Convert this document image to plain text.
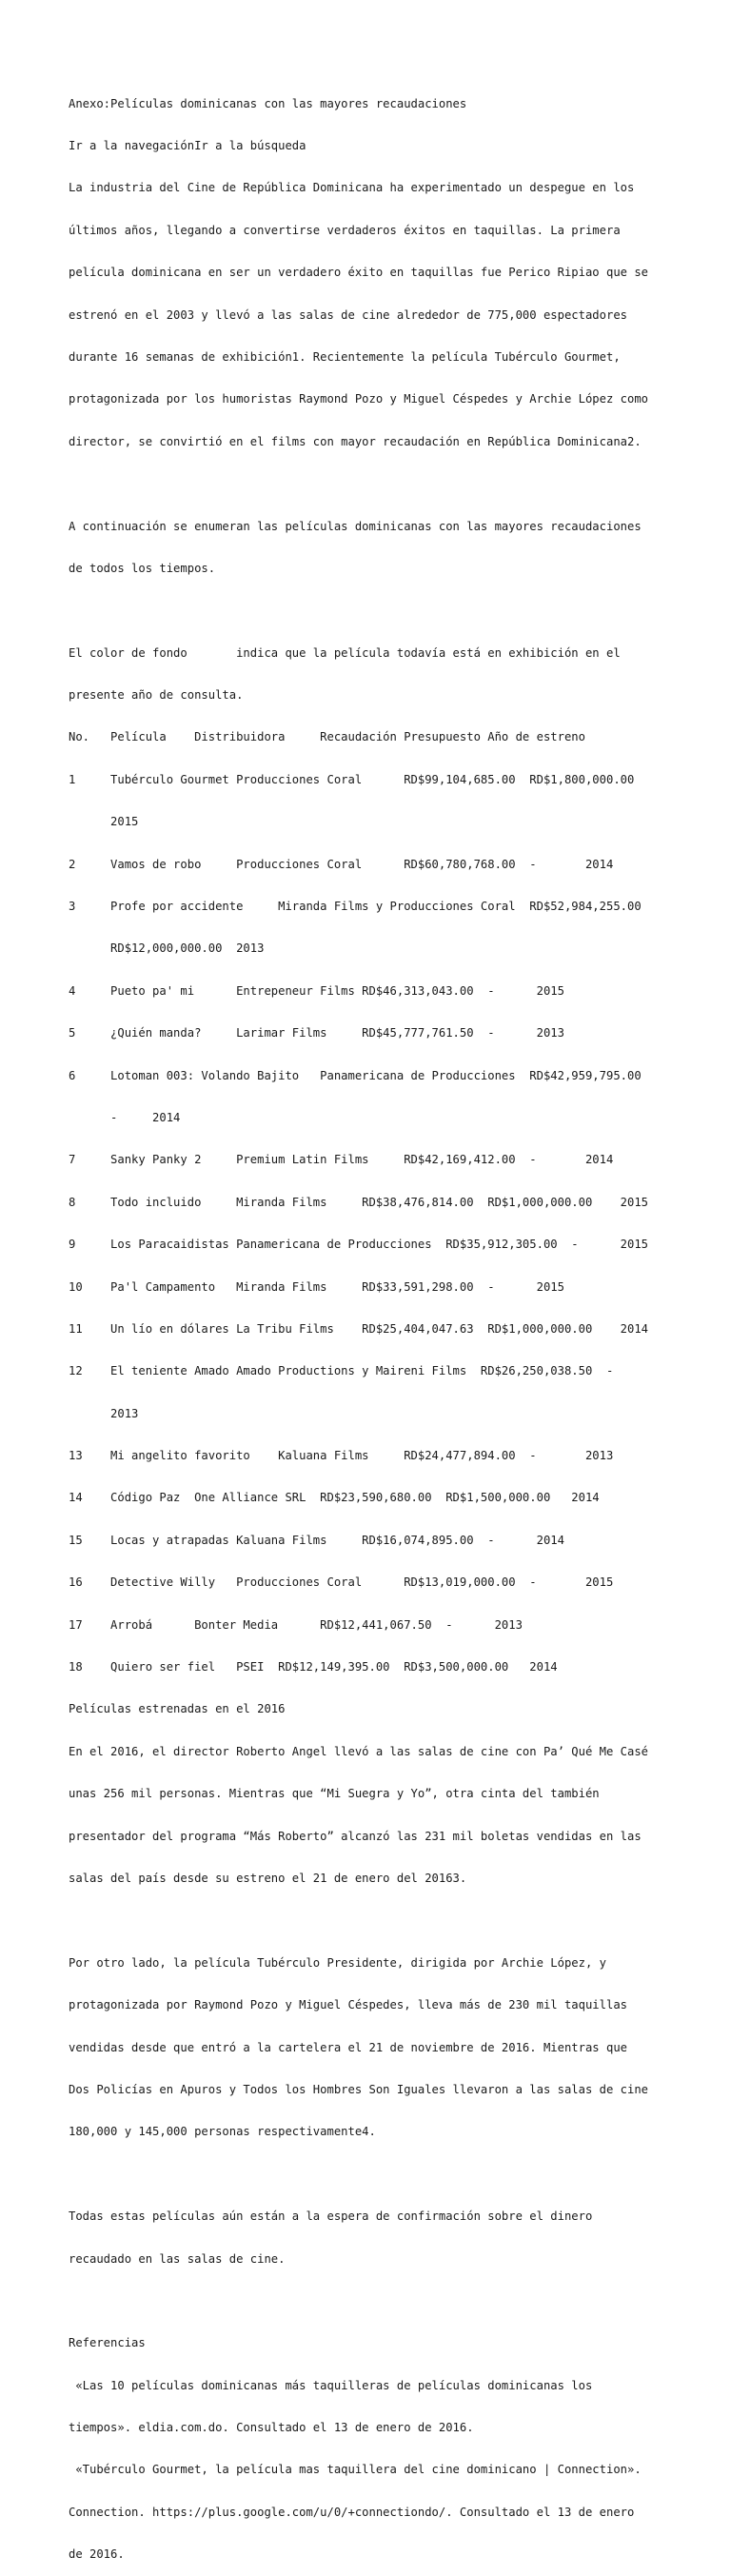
Anexo:Películas dominicanas con las mayores recaudaciones

Ir a la navegaciónIr a la búsqueda

La industria del Cine de República Dominicana ha experimentado un despegue en los

últimos años, llegando a convertirse verdaderos éxitos en taquillas. La primera

película dominicana en ser un verdadero éxito en taquillas fue Perico Ripiao que se

estrenó en el 2003 y llevó a las salas de cine alrededor de 775,000 espectadores

durante 16 semanas de exhibición1. Recientemente la película Tubérculo Gourmet,

protagonizada por los humoristas Raymond Pozo y Miguel Céspedes y Archie López como

director, se convirtió en el films con mayor recaudación en República Dominicana2.

A continuación se enumeran las películas dominicanas con las mayores recaudaciones

de todos los tiempos.

El color de fondo       indica que la película todavía está en exhibición en el

presente año de consulta.

No.   Película    Distribuidora     Recaudación Presupuesto Año de estreno

1     Tubérculo Gourmet Producciones Coral      RD$99,104,685.00  RD$1,800,000.00

2015

2     Vamos de robo     Producciones Coral      RD$60,780,768.00  -       2014

3     Profe por accidente     Miranda Films y Producciones Coral  RD$52,984,255.00

RD$12,000,000.00  2013

4     Pueto pa' mi      Entrepeneur Films RD$46,313,043.00  -      2015

5     ¿Quién manda?     Larimar Films     RD$45,777,761.50  -      2013

6     Lotoman 003: Volando Bajito   Panamericana de Producciones  RD$42,959,795.00

-     2014

7     Sanky Panky 2     Premium Latin Films     RD$42,169,412.00  -       2014

8     Todo incluido     Miranda Films     RD$38,476,814.00  RD$1,000,000.00    2015

9     Los Paracaidistas Panamericana de Producciones  RD$35,912,305.00  -      2015

10    Pa'l Campamento   Miranda Films     RD$33,591,298.00  -      2015

11    Un lío en dólares La Tribu Films    RD$25,404,047.63  RD$1,000,000.00    2014

12    El teniente Amado Amado Productions y Maireni Films  RD$26,250,038.50  -

2013

13    Mi angelito favorito    Kaluana Films     RD$24,477,894.00  -       2013

14    Código Paz  One Alliance SRL  RD$23,590,680.00  RD$1,500,000.00   2014

15    Locas y atrapadas Kaluana Films     RD$16,074,895.00  -      2014

16    Detective Willy   Producciones Coral      RD$13,019,000.00  -       2015

17    Arrobá      Bonter Media      RD$12,441,067.50  -      2013

18    Quiero ser fiel   PSEI  RD$12,149,395.00  RD$3,500,000.00   2014

Películas estrenadas en el 2016

En el 2016, el director Roberto Angel llevó a las salas de cine con Pa’ Qué Me Casé

unas 256 mil personas. Mientras que “Mi Suegra y Yo”, otra cinta del también

presentador del programa “Más Roberto” alcanzó las 231 mil boletas vendidas en las

salas del país desde su estreno el 21 de enero del 20163.

Por otro lado, la película Tubérculo Presidente, dirigida por Archie López, y

protagonizada por Raymond Pozo y Miguel Céspedes, lleva más de 230 mil taquillas

vendidas desde que entró a la cartelera el 21 de noviembre de 2016. Mientras que

Dos Policías en Apuros y Todos los Hombres Son Iguales llevaron a las salas de cine

180,000 y 145,000 personas respectivamente4.

Todas estas películas aún están a la espera de confirmación sobre el dinero

recaudado en las salas de cine.

Referencias

«Las 10 películas dominicanas más taquilleras de películas dominicanas los

tiempos». eldia.com.do. Consultado el 13 de enero de 2016.

«Tubérculo Gourmet, la película mas taquillera del cine dominicano | Connection».

Connection. https://plus.google.com/u/0/+connectiondo/. Consultado el 13 de enero

de 2016.
